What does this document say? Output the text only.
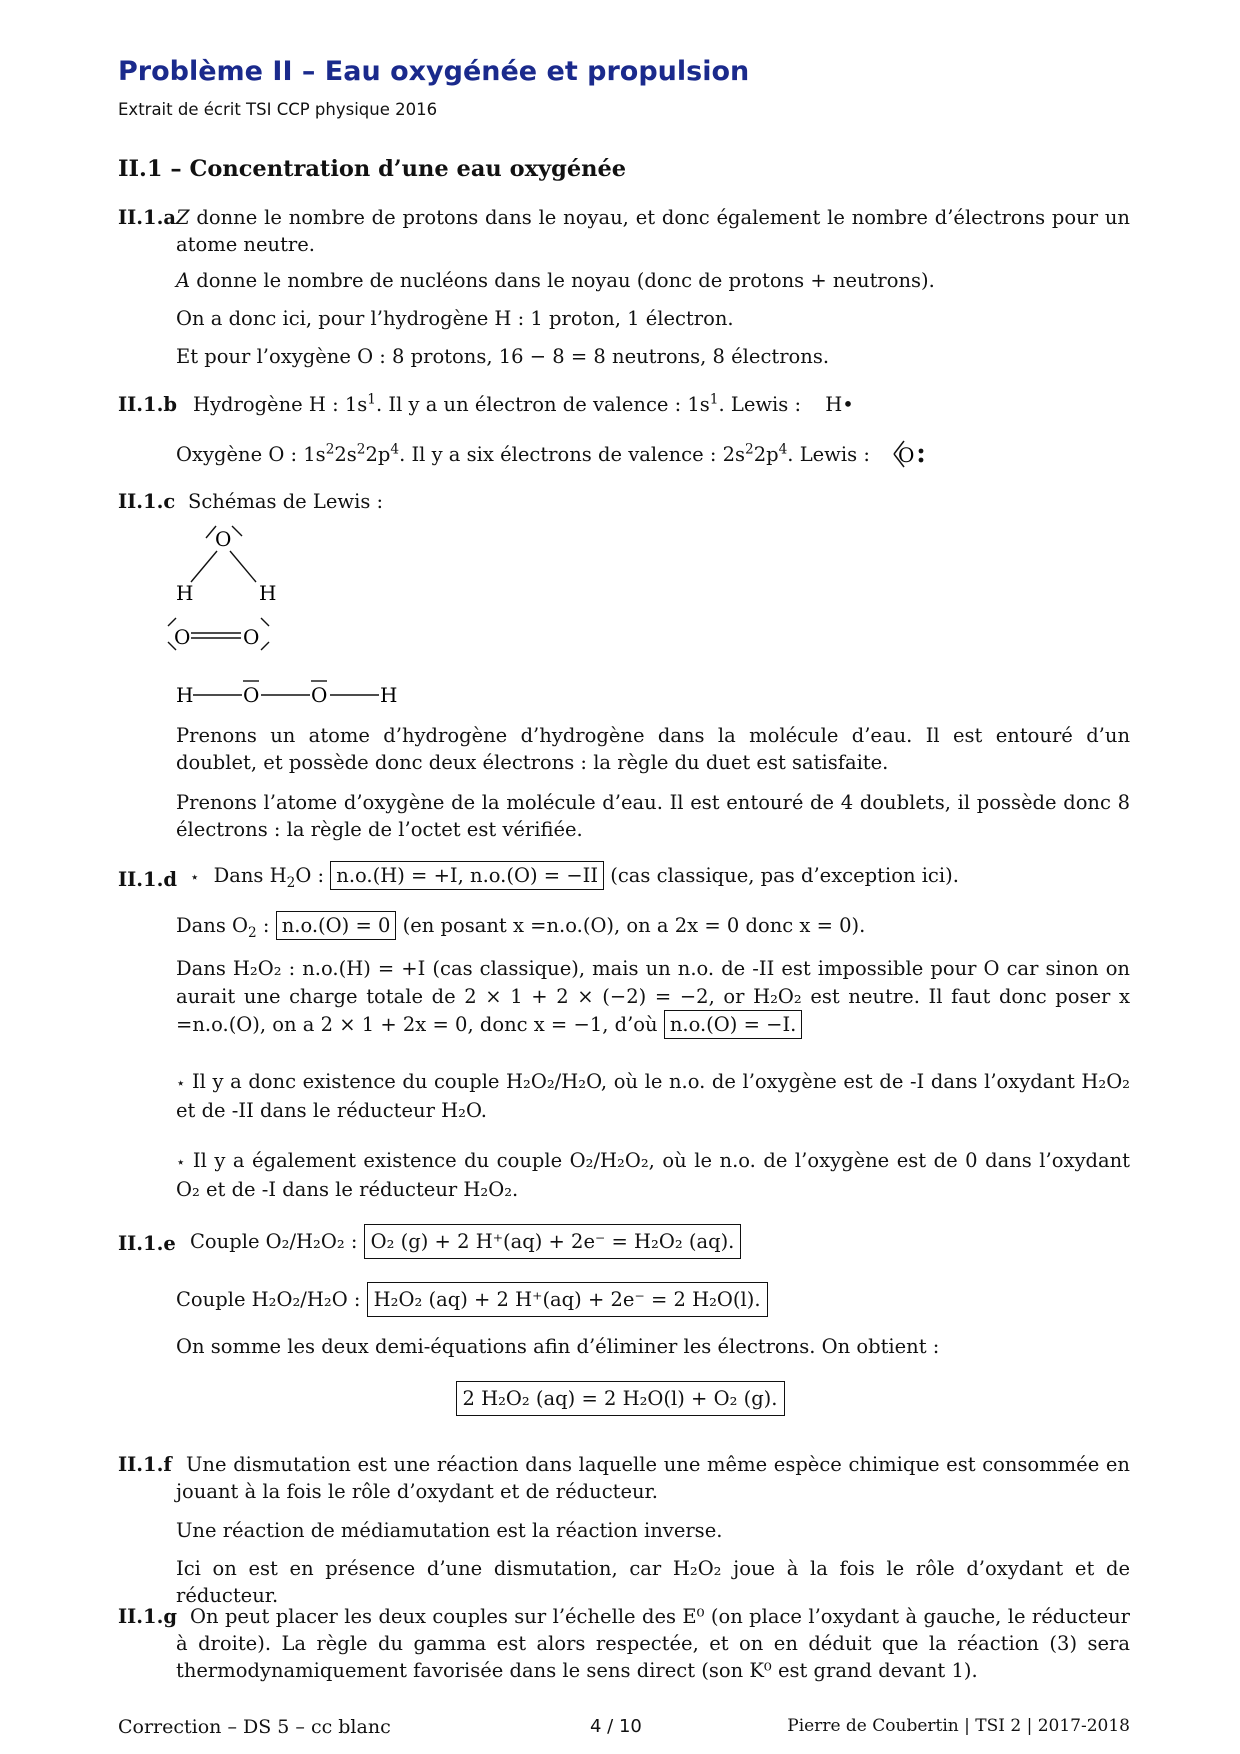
Problème II – Eau oxygénée et propulsion
Extrait de écrit TSI CCP physique 2016
II.1 – Concentration d’une eau oxygénée
II.1.a Z donne le nombre de protons dans le noyau, et donc également le nombre d’électrons pour un atome neutre.
A donne le nombre de nucléons dans le noyau (donc de protons + neutrons).
On a donc ici, pour l’hydrogène H : 1 proton, 1 électron.
Et pour l’oxygène O : 8 protons, 16 − 8 = 8 neutrons, 8 électrons.
II.1.b Hydrogène H : $1s^1$. Il y a un électron de valence : $1s^1$. Lewis : H•
Oxygène O : $1s^22s^22p^4$. Il y a six électrons de valence : $2s^22p^4$. Lewis : O
II.1.c Schémas de Lewis :
O
H	H
O	O
H O	O	H
Prenons un atome d’hydrogène d’hydrogène dans la molécule d’eau. Il est entouré d’un doublet, et possède donc deux électrons : la règle du duet est satisfaite.
Prenons l’atome d’oxygène de la molécule d’eau. Il est entouré de 4 doublets, il possède donc 8 électrons : la règle de l’octet est vérifiée.
II.1.d ⋆ Dans $H_2O$ : n.o.(H) = +I, n.o.(O) = −II (cas classique, pas d’exception ici).
Dans $O_2$ : n.o.(O) = 0 (en posant x =n.o.(O), on a 2x = 0 donc x = 0).
Dans H₂O₂ : n.o.(H) = +I (cas classique), mais un n.o. de -II est impossible pour O car sinon on aurait une charge totale de 2 × 1 + 2 × (−2) = −2, or H₂O₂ est neutre. Il faut donc poser x =n.o.(O), on a 2 × 1 + 2x = 0, donc x = −1, d’où n.o.(O) = −I.
⋆ Il y a donc existence du couple H₂O₂/H₂O, où le n.o. de l’oxygène est de -I dans l’oxydant H₂O₂ et de -II dans le réducteur H₂O.
⋆ Il y a également existence du couple O₂/H₂O₂, où le n.o. de l’oxygène est de 0 dans l’oxydant O₂ et de -I dans le réducteur H₂O₂.
II.1.e Couple O₂/H₂O₂ : O₂ (g) + 2 H⁺(aq) + 2e⁻ = H₂O₂ (aq).
Couple H₂O₂/H₂O : H₂O₂ (aq) + 2 H⁺(aq) + 2e⁻ = 2 H₂O(l).
On somme les deux demi-équations afin d’éliminer les électrons. On obtient :
2 H₂O₂ (aq) = 2 H₂O(l) + O₂ (g).
II.1.f Une dismutation est une réaction dans laquelle une même espèce chimique est consommée en jouant à la fois le rôle d’oxydant et de réducteur.
Une réaction de médiamutation est la réaction inverse.
Ici on est en présence d’une dismutation, car H₂O₂ joue à la fois le rôle d’oxydant et de réducteur.
II.1.g On peut placer les deux couples sur l’échelle des E⁰ (on place l’oxydant à gauche, le réducteur à droite). La règle du gamma est alors respectée, et on en déduit que la réaction (3) sera thermodynamiquement favorisée dans le sens direct (son K⁰ est grand devant 1).
Correction – DS 5 – cc blanc	4 / 10	Pierre de Coubertin | TSI 2 | 2017-2018
